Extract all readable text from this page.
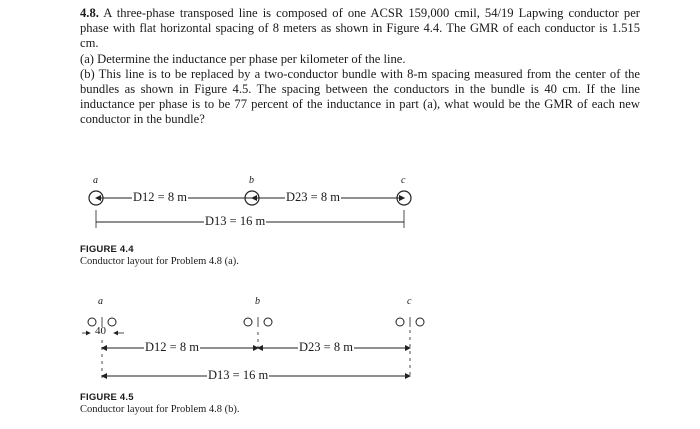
4.8. A three-phase transposed line is composed of one ACSR 159,000 cmil, 54/19 Lapwing conductor per phase with flat horizontal spacing of 8 meters as shown in Figure 4.4. The GMR of each conductor is 1.515 cm.

(a) Determine the inductance per phase per kilometer of the line.

(b) This line is to be replaced by a two-conductor bundle with 8-m spacing measured from the center of the bundles as shown in Figure 4.5. The spacing between the conductors in the bundle is 40 cm. If the line inductance per phase is to be 77 percent of the inductance in part (a), what would be the GMR of each new conductor in the bundle?

a	b	c
D12 = 8 m	D23 = 8 m
D13 = 16 m
FIGURE 4.4
Conductor layout for Problem 4.8 (a).
a	b	c
40
D12 = 8 m	D23 = 8 m
D13 = 16 m
FIGURE 4.5
Conductor layout for Problem 4.8 (b).
